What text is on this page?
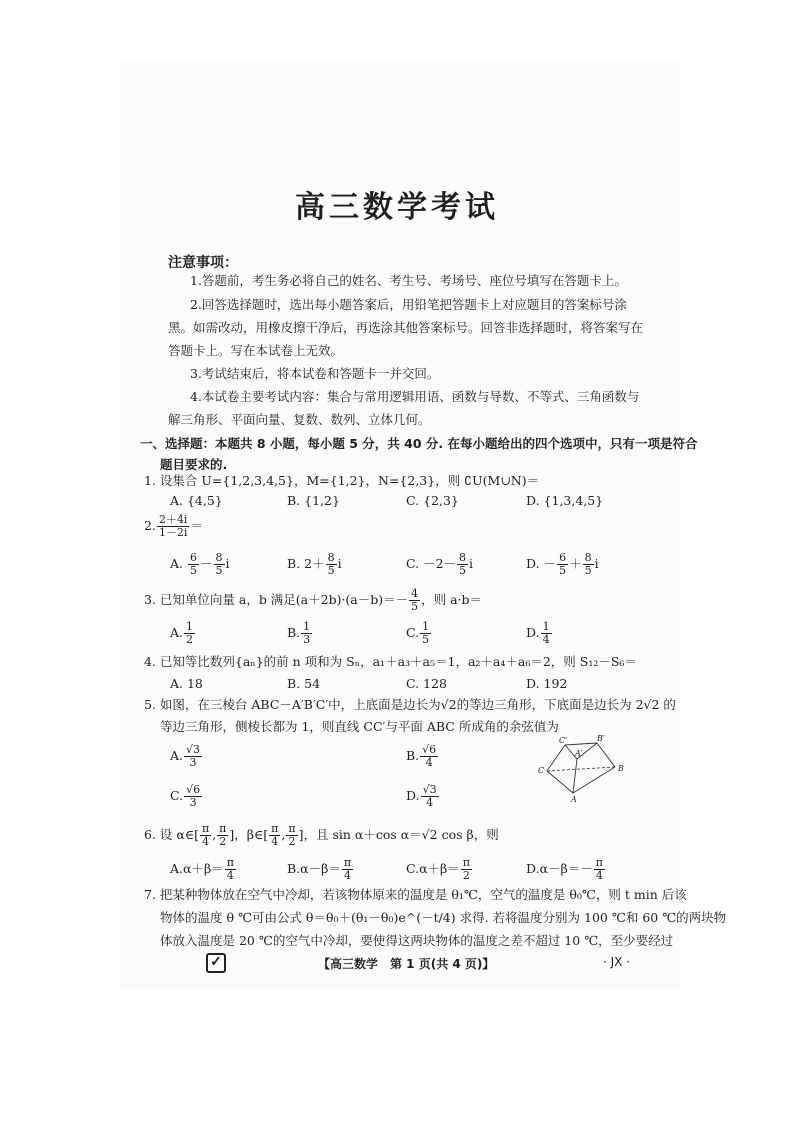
高三数学考试
注意事项：
1.答题前，考生务必将自己的姓名、考生号、考场号、座位号填写在答题卡上。
2.回答选择题时，选出每小题答案后，用铅笔把答题卡上对应题目的答案标号涂
黑。如需改动，用橡皮擦干净后，再选涂其他答案标号。回答非选择题时，将答案写在
答题卡上。写在本试卷上无效。
3.考试结束后，将本试卷和答题卡一并交回。
4.本试卷主要考试内容：集合与常用逻辑用语、函数与导数、不等式、三角函数与
解三角形、平面向量、复数、数列、立体几何。
一、选择题：本题共 8 小题，每小题 5 分，共 40 分. 在每小题给出的四个选项中，只有一项是符合
题目要求的.
1. 设集合 U={1,2,3,4,5}，M={1,2}，N={2,3}，则 ∁U(M∪N)＝
A. {4,5}	B. {1,2}	C. {2,3}	D. {1,3,4,5}
2. $\frac{2+4i}{1-2i}$ ＝
A. $\frac{6}{5} - \frac{8}{5}$ i	B. $2+ \frac{8}{5}$ i	C. $-2- \frac{8}{5}$ i	D. － $\frac{6}{5} + \frac{8}{5}$ i
3. 已知单位向量 a，b 满足$(a+2b)\cdot(a-b)=- \frac{4}{5}$ ，则 a·b＝
A. $\frac{1}{2}$	B. $\frac{1}{3}$	C. $\frac{1}{5}$	D. $\frac{1}{4}$
4. 已知等比数列{aₙ}的前 n 项和为 Sₙ，a₁＋a₃＋a₅＝1，a₂＋a₄＋a₆＝2，则 S₁₂－S₆＝
A. 18	B. 54	C. 128	D. 192
5. 如图，在三棱台 ABC－A′B′C′中，上底面是边长为√2的等边三角形，下底面是边长为 2√2 的
等边三角形，侧棱长都为 1，则直线 CC′与平面 ABC 所成角的余弦值为
A. $\frac{√3}{3}$	B. $\frac{√6}{4}$
C. $\frac{√6}{3}$	D. $\frac{√3}{4}$
C′	B′
A′
C	B
A
6. 设 α∈[ $\frac{\pi}{4}$ , $\frac{\pi}{2}$ ]，β∈[ $\frac{\pi}{4}$ , $\frac{\pi}{2}$ ]，且 sin α＋cos α＝√2 cos β，则
$A.\alpha+\beta= \frac{\pi}{4}$	$B.\alpha-\beta= \frac{\pi}{4}$	$C.\alpha+\beta= \frac{\pi}{2}$	$D.\alpha-\beta=- \frac{\pi}{4}$
7. 把某种物体放在空气中冷却，若该物体原来的温度是 θ₁℃，空气的温度是 θ₀℃，则 t min 后该
物体的温度 θ ℃可由公式 θ＝θ₀＋(θ₁－θ₀)e^(－t/4) 求得. 若将温度分别为 100 ℃和 60 ℃的两块物
体放入温度是 20 ℃的空气中冷却，要使得这两块物体的温度之差不超过 10 ℃，至少要经过
✓	【高三数学　第 1 页(共 4 页)】	· JX ·
